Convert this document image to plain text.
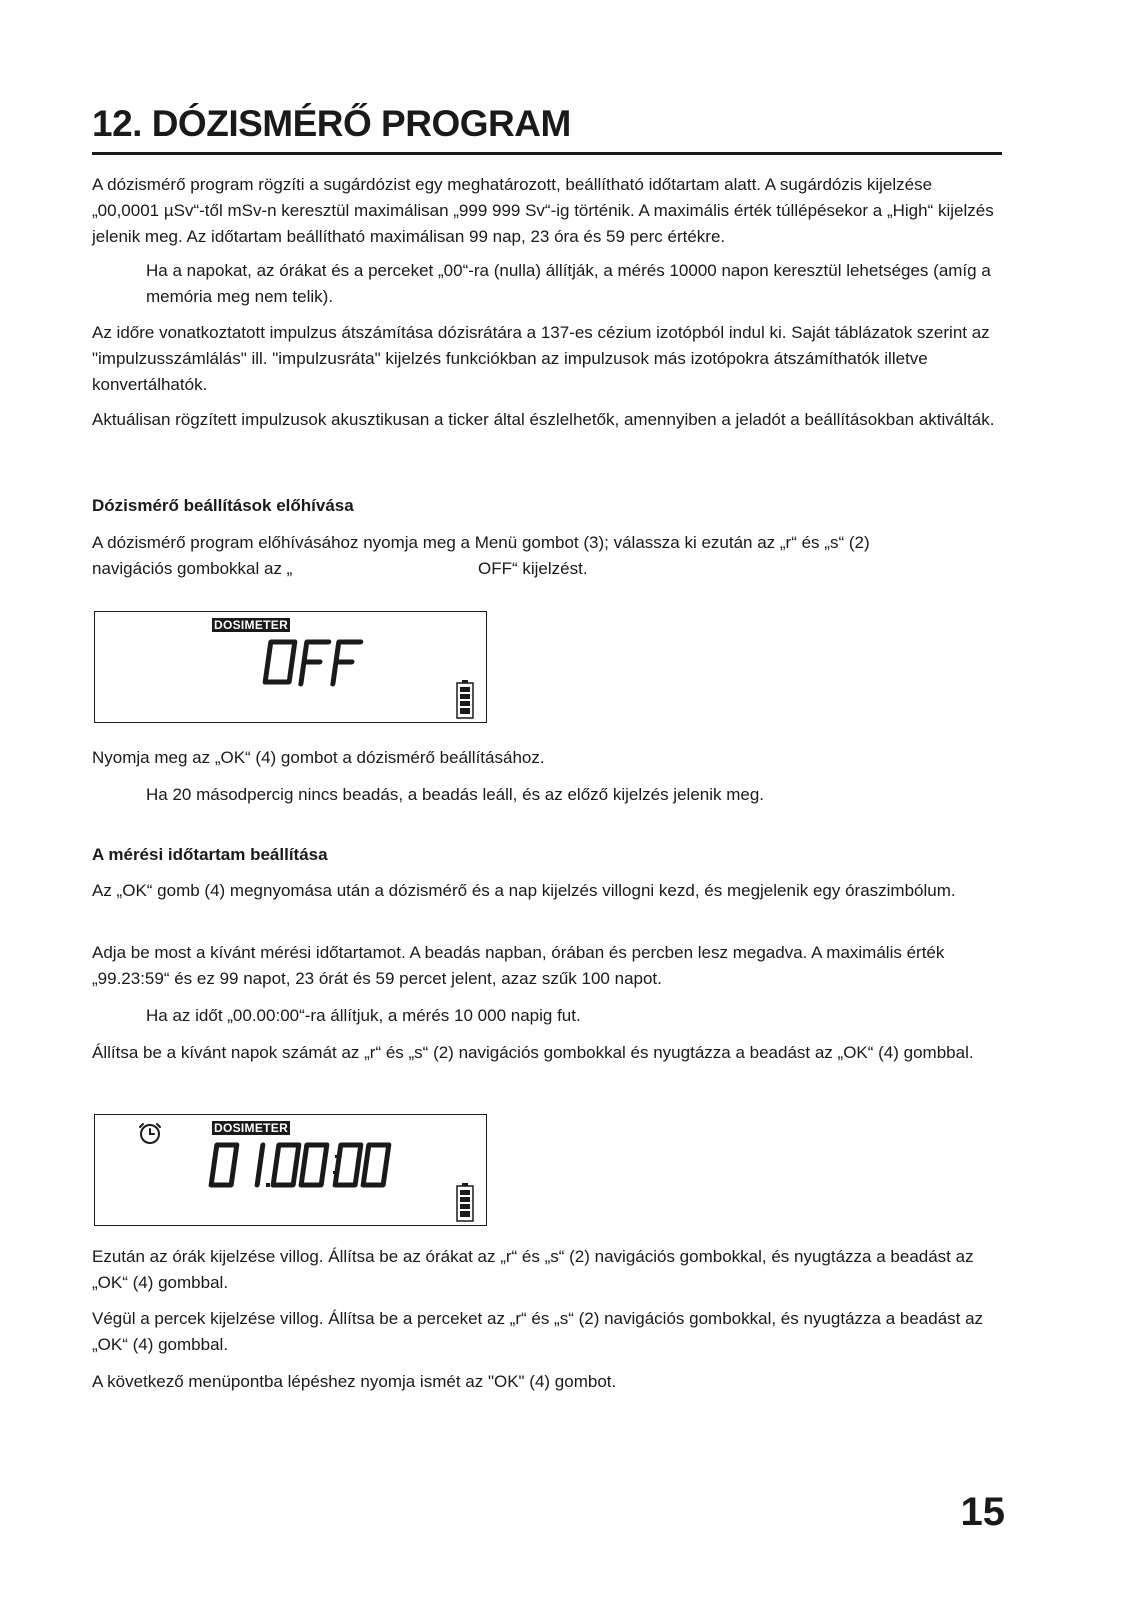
12. DÓZISMÉRŐ PROGRAM

A dózismérő program rögzíti a sugárdózist egy meghatározott, beállítható időtartam alatt. A sugárdózis kijelzése „00,0001 µSv“-től mSv-n keresztül maximálisan „999 999 Sv“-ig történik. A maximális érték túllépésekor a „High“ kijelzés jelenik meg. Az időtartam beállítható maximálisan 99 nap, 23 óra és 59 perc értékre.

Ha a napokat, az órákat és a perceket „00“-ra (nulla) állítják, a mérés 10000 napon keresztül lehetséges (amíg a memória meg nem telik).

Az időre vonatkoztatott impulzus átszámítása dózisrátára a 137-es cézium izotópból indul ki. Saját táblázatok szerint az "impulzusszámlálás" ill. "impulzusráta" kijelzés funkciókban az impulzusok más izotópokra átszámíthatók illetve konvertálhatók.

Aktuálisan rögzített impulzusok akusztikusan a ticker által észlelhetők, amennyiben a jeladót a beállításokban aktiválták.

Dózismérő beállítások előhívása

A dózismérő program előhívásához nyomja meg a Menü gombot (3); válassza ki ezután az „r“ és „s“ (2)

navigációs gombokkal az „	OFF“ kijelzést.

DOSIMETER

Nyomja meg az „OK“ (4) gombot a dózismérő beállításához.

Ha 20 másodpercig nincs beadás, a beadás leáll, és az előző kijelzés jelenik meg.

A mérési időtartam beállítása

Az „OK“ gomb (4) megnyomása után a dózismérő és a nap kijelzés villogni kezd, és megjelenik egy óraszimbólum.

Adja be most a kívánt mérési időtartamot. A beadás napban, órában és percben lesz megadva. A maximális érték „99.23:59“ és ez 99 napot, 23 órát és 59 percet jelent, azaz szűk 100 napot.

Ha az időt „00.00:00“-ra állítjuk, a mérés 10 000 napig fut.

Állítsa be a kívánt napok számát az „r“ és „s“ (2) navigációs gombokkal és nyugtázza a beadást az „OK“ (4) gombbal.

DOSIMETER

Ezután az órák kijelzése villog. Állítsa be az órákat az „r“ és „s“ (2) navigációs gombokkal, és nyugtázza a beadást az „OK“ (4) gombbal.

Végül a percek kijelzése villog. Állítsa be a perceket az „r“ és „s“ (2) navigációs gombokkal, és nyugtázza a beadást az „OK“ (4) gombbal.

A következő menüpontba lépéshez nyomja ismét az "OK" (4) gombot.

15
